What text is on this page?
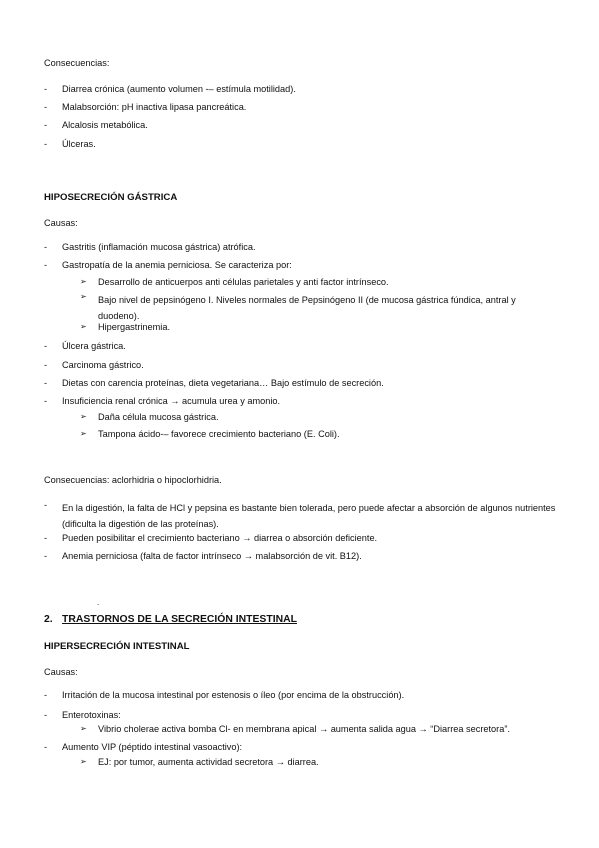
Consecuencias:
- Diarrea crónica (aumento volumen -– estímula motilidad).
- Malabsorción: pH inactiva lipasa pancreática.
- Alcalosis metabólica.
- Úlceras.
HIPOSECRECIÓN GÁSTRICA
Causas:
- Gastritis (inflamación mucosa gástrica) atrófica.
- Gastropatía de la anemia perniciosa. Se caracteriza por:
➢ Desarrollo de anticuerpos anti células parietales y anti factor intrínseco.
➢ Bajo nivel de pepsinógeno I. Niveles normales de Pepsinógeno II (de mucosa gástrica fúndica, antral y duodeno).
➢ Hipergastrinemia.
- Úlcera gástrica.
- Carcinoma gástrico.
- Dietas con carencia proteínas, dieta vegetariana… Bajo estímulo de secreción.
- Insuficiencia renal crónica → acumula urea y amonio.
➢ Daña célula mucosa gástrica.
➢ Tampona ácido-– favorece crecimiento bacteriano (E. Coli).
Consecuencias: aclorhidria o hipoclorhidria.
- En la digestión, la falta de HCl y pepsina es bastante bien tolerada, pero puede afectar a absorción de algunos nutrientes (dificulta la digestión de las proteínas).
- Pueden posibilitar el crecimiento bacteriano → diarrea o absorción deficiente.
- Anemia perniciosa (falta de factor intrínseco → malabsorción de vit. B12).
.
2. TRASTORNOS DE LA SECRECIÓN INTESTINAL
HIPERSECRECIÓN INTESTINAL
Causas:
- Irritación de la mucosa intestinal por estenosis o íleo (por encima de la obstrucción).
- Enterotoxinas:
➢ Vibrio cholerae activa bomba Cl- en membrana apical → aumenta salida agua → “Diarrea secretora”.
- Aumento VIP (péptido intestinal vasoactivo):
➢ EJ: por tumor, aumenta actividad secretora → diarrea.
